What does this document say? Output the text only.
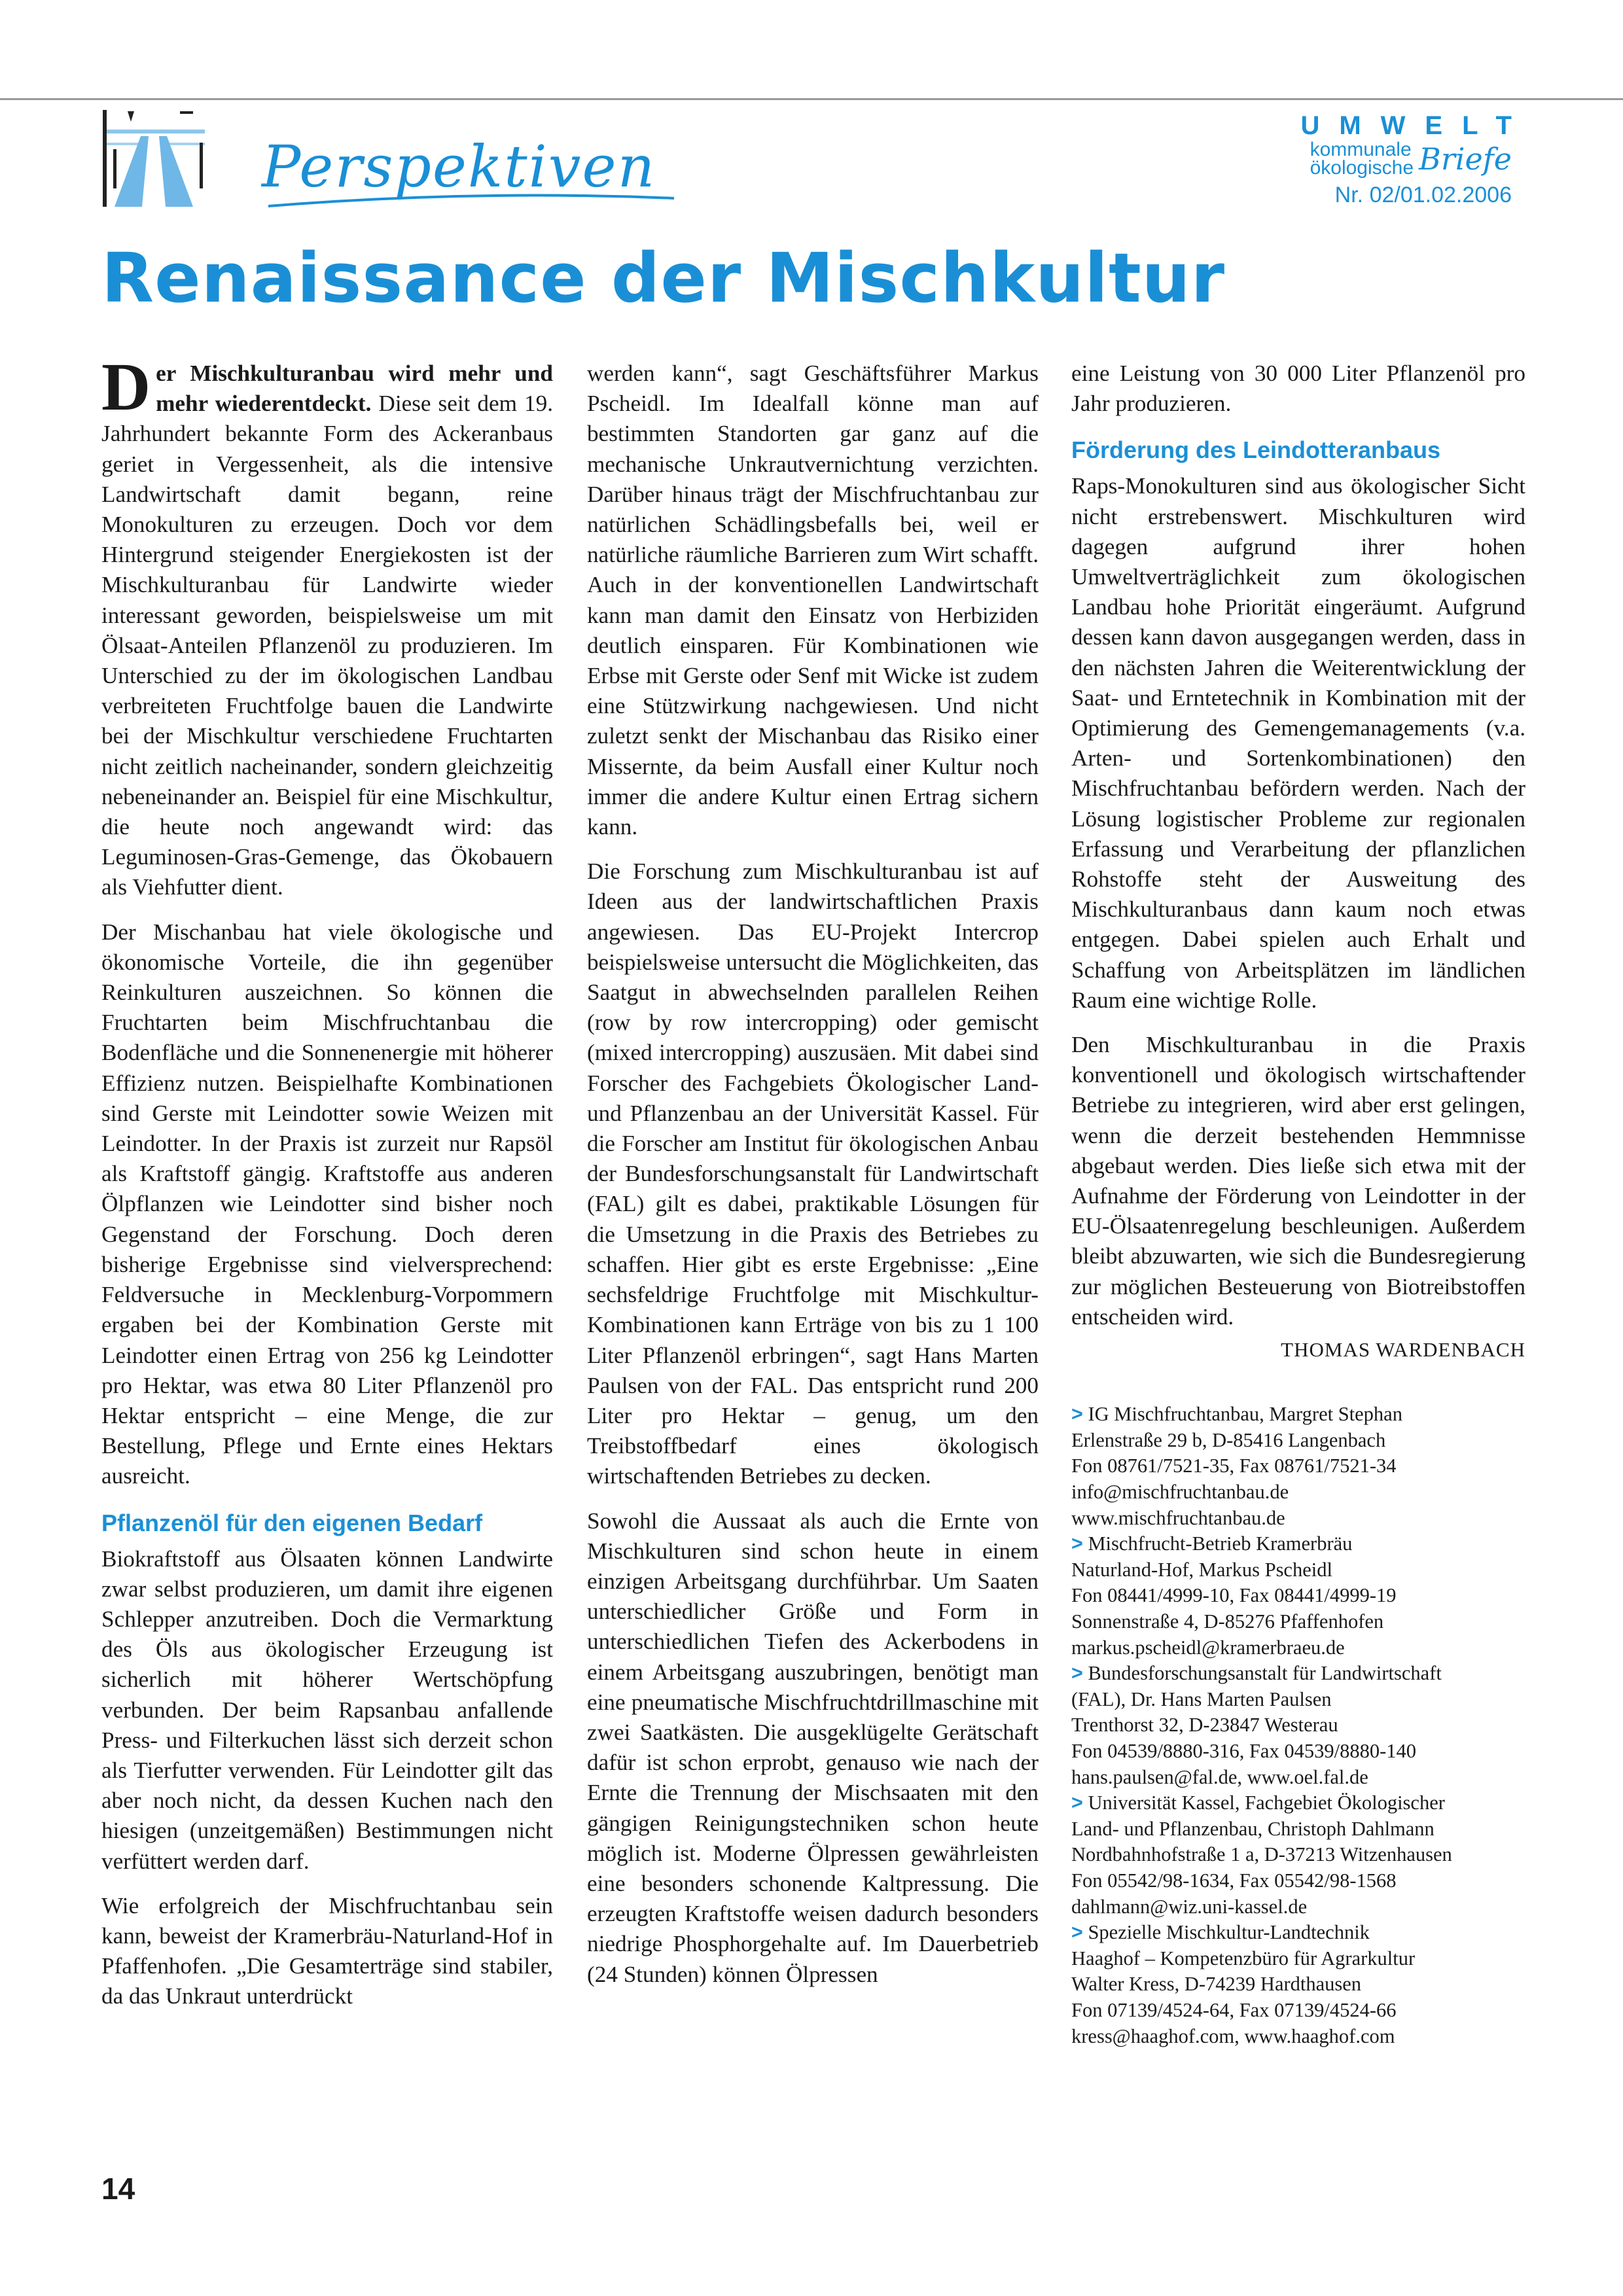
Perspektiven
UMWELT
kommunale
ökologische Briefe
Nr. 02/01.02.2006
Renaissance der Mischkultur

Der Mischkulturanbau wird mehr und mehr wiederentdeckt. Diese seit dem 19. Jahrhundert bekannte Form des Ackeranbaus geriet in Vergessenheit, als die intensive Landwirtschaft damit begann, reine Monokulturen zu erzeugen. Doch vor dem Hintergrund steigender Energiekosten ist der Mischkulturanbau für Landwirte wieder interessant geworden, beispielsweise um mit Ölsaat-Anteilen Pflanzenöl zu produzieren. Im Unterschied zu der im ökologischen Landbau verbreiteten Fruchtfolge bauen die Landwirte bei der Mischkultur verschiedene Fruchtarten nicht zeitlich nacheinander, sondern gleichzeitig nebeneinander an. Beispiel für eine Mischkultur, die heute noch angewandt wird: das Leguminosen-Gras-Gemenge, das Ökobauern als Viehfutter dient.

Der Mischanbau hat viele ökologische und ökonomische Vorteile, die ihn gegenüber Reinkulturen auszeichnen. So können die Fruchtarten beim Mischfruchtanbau die Bodenfläche und die Sonnenenergie mit höherer Effizienz nutzen. Beispielhafte Kombinationen sind Gerste mit Leindotter sowie Weizen mit Leindotter. In der Praxis ist zurzeit nur Rapsöl als Kraftstoff gängig. Kraftstoffe aus anderen Ölpflanzen wie Leindotter sind bisher noch Gegenstand der Forschung. Doch deren bisherige Ergebnisse sind vielversprechend: Feldversuche in Mecklenburg-Vorpommern ergaben bei der Kombination Gerste mit Leindotter einen Ertrag von 256 kg Leindotter pro Hektar, was etwa 80 Liter Pflanzenöl pro Hektar entspricht – eine Menge, die zur Bestellung, Pflege und Ernte eines Hektars ausreicht.

Pflanzenöl für den eigenen Bedarf

Biokraftstoff aus Ölsaaten können Landwirte zwar selbst produzieren, um damit ihre eigenen Schlepper anzutreiben. Doch die Vermarktung des Öls aus ökologischer Erzeugung ist sicherlich mit höherer Wertschöpfung verbunden. Der beim Rapsanbau anfallende Press- und Filterkuchen lässt sich derzeit schon als Tierfutter verwenden. Für Leindotter gilt das aber noch nicht, da dessen Kuchen nach den hiesigen (unzeitgemäßen) Bestimmungen nicht verfüttert werden darf.

Wie erfolgreich der Mischfruchtanbau sein kann, beweist der Kramerbräu-Naturland-Hof in Pfaffenhofen. „Die Gesamterträge sind stabiler, da das Unkraut unterdrückt

werden kann“, sagt Geschäftsführer Markus Pscheidl. Im Idealfall könne man auf bestimmten Standorten gar ganz auf die mechanische Unkrautvernichtung verzichten. Darüber hinaus trägt der Mischfruchtanbau zur natürlichen Schädlingsbefalls bei, weil er natürliche räumliche Barrieren zum Wirt schafft. Auch in der konventionellen Landwirtschaft kann man damit den Einsatz von Herbiziden deutlich einsparen. Für Kombinationen wie Erbse mit Gerste oder Senf mit Wicke ist zudem eine Stützwirkung nachgewiesen. Und nicht zuletzt senkt der Mischanbau das Risiko einer Missernte, da beim Ausfall einer Kultur noch immer die andere Kultur einen Ertrag sichern kann.

Die Forschung zum Mischkulturanbau ist auf Ideen aus der landwirtschaftlichen Praxis angewiesen. Das EU-Projekt Intercrop beispielsweise untersucht die Möglichkeiten, das Saatgut in abwechselnden parallelen Reihen (row by row intercropping) oder gemischt (mixed intercropping) auszusäen. Mit dabei sind Forscher des Fachgebiets Ökologischer Land- und Pflanzenbau an der Universität Kassel. Für die Forscher am Institut für ökologischen Anbau der Bundesforschungsanstalt für Landwirtschaft (FAL) gilt es dabei, praktikable Lösungen für die Umsetzung in die Praxis des Betriebes zu schaffen. Hier gibt es erste Ergebnisse: „Eine sechsfeldrige Fruchtfolge mit Mischkultur-Kombinationen kann Erträge von bis zu 1 100 Liter Pflanzenöl erbringen“, sagt Hans Marten Paulsen von der FAL. Das entspricht rund 200 Liter pro Hektar – genug, um den Treibstoffbedarf eines ökologisch wirtschaftenden Betriebes zu decken.

Sowohl die Aussaat als auch die Ernte von Mischkulturen sind schon heute in einem einzigen Arbeitsgang durchführbar. Um Saaten unterschiedlicher Größe und Form in unterschiedlichen Tiefen des Ackerbodens in einem Arbeitsgang auszubringen, benötigt man eine pneumatische Mischfruchtdrillmaschine mit zwei Saatkästen. Die ausgeklügelte Gerätschaft dafür ist schon erprobt, genauso wie nach der Ernte die Trennung der Mischsaaten mit den gängigen Reinigungstechniken schon heute möglich ist. Moderne Ölpressen gewährleisten eine besonders schonende Kaltpressung. Die erzeugten Kraftstoffe weisen dadurch besonders niedrige Phosphorgehalte auf. Im Dauerbetrieb (24 Stunden) können Ölpressen

eine Leistung von 30 000 Liter Pflanzenöl pro Jahr produzieren.

Förderung des Leindotteranbaus

Raps-Monokulturen sind aus ökologischer Sicht nicht erstrebenswert. Mischkulturen wird dagegen aufgrund ihrer hohen Umweltverträglichkeit zum ökologischen Landbau hohe Priorität eingeräumt. Aufgrund dessen kann davon ausgegangen werden, dass in den nächsten Jahren die Weiterentwicklung der Saat- und Erntetechnik in Kombination mit der Optimierung des Gemengemanagements (v.a. Arten- und Sortenkombinationen) den Mischfruchtanbau befördern werden. Nach der Lösung logistischer Probleme zur regionalen Erfassung und Verarbeitung der pflanzlichen Rohstoffe steht der Ausweitung des Mischkulturanbaus dann kaum noch etwas entgegen. Dabei spielen auch Erhalt und Schaffung von Arbeitsplätzen im ländlichen Raum eine wichtige Rolle.

Den Mischkulturanbau in die Praxis konventionell und ökologisch wirtschaftender Betriebe zu integrieren, wird aber erst gelingen, wenn die derzeit bestehenden Hemmnisse abgebaut werden. Dies ließe sich etwa mit der Aufnahme der Förderung von Leindotter in der EU-Ölsaatenregelung beschleunigen. Außerdem bleibt abzuwarten, wie sich die Bundesregierung zur möglichen Besteuerung von Biotreibstoffen entscheiden wird.

THOMAS WARDENBACH
> IG Mischfruchtanbau, Margret Stephan
Erlenstraße 29 b, D-85416 Langenbach
Fon 08761/7521-35, Fax 08761/7521-34
info@mischfruchtanbau.de
www.mischfruchtanbau.de
> Mischfrucht-Betrieb Kramerbräu
Naturland-Hof, Markus Pscheidl
Fon 08441/4999-10, Fax 08441/4999-19
Sonnenstraße 4, D-85276 Pfaffenhofen
markus.pscheidl@kramerbraeu.de
> Bundesforschungsanstalt für Landwirtschaft
(FAL), Dr. Hans Marten Paulsen
Trenthorst 32, D-23847 Westerau
Fon 04539/8880-316, Fax 04539/8880-140
hans.paulsen@fal.de, www.oel.fal.de
> Universität Kassel, Fachgebiet Ökologischer
Land- und Pflanzenbau, Christoph Dahlmann
Nordbahnhofstraße 1 a, D-37213 Witzenhausen
Fon 05542/98-1634, Fax 05542/98-1568
dahlmann@wiz.uni-kassel.de
> Spezielle Mischkultur-Landtechnik
Haaghof – Kompetenzbüro für Agrarkultur
Walter Kress, D-74239 Hardthausen
Fon 07139/4524-64, Fax 07139/4524-66
kress@haaghof.com, www.haaghof.com
14
